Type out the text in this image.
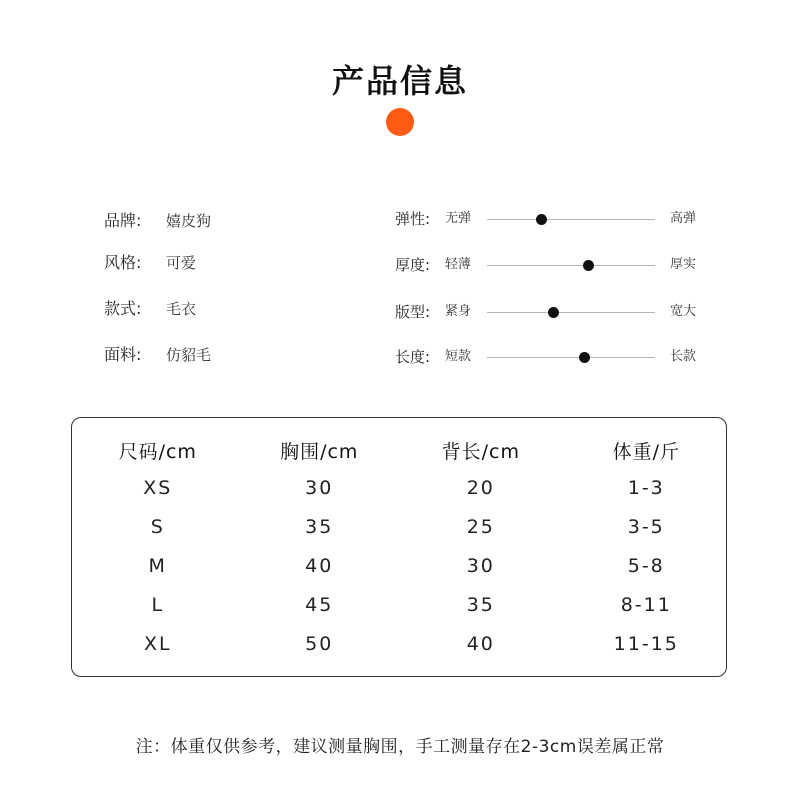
产品信息
品牌: 嬉皮狗
风格: 可爱
款式: 毛衣
面料: 仿貂毛
弹性: 无弹	高弹
厚度: 轻薄	厚实
版型: 紧身	宽大
长度: 短款	长款
尺码/cm	胸围/cm	背长/cm	体重/斤
XS	30	20	1-3
S	35	25	3-5
M	40	30	5-8
L	45	35	8-11
XL	50	40	11-15
注：体重仅供参考，建议测量胸围，手工测量存在2-3cm误差属正常
